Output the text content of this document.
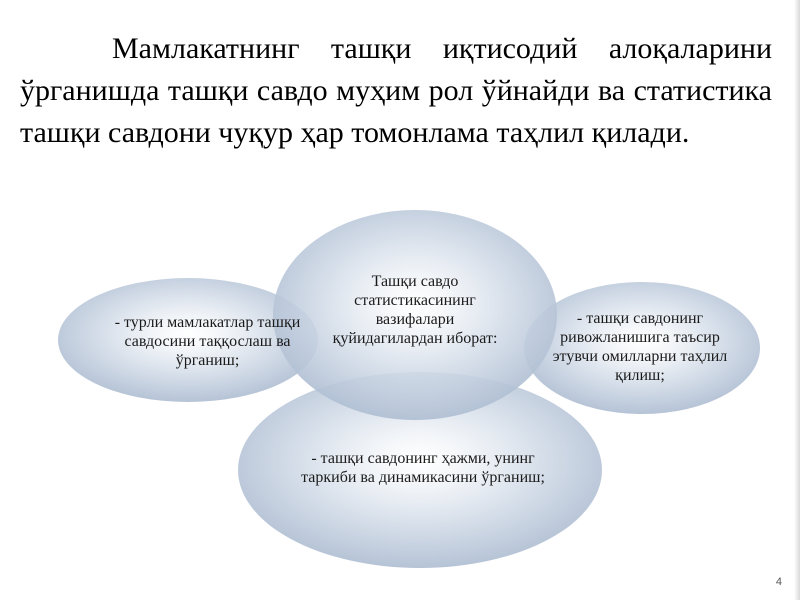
Мамлакатнинг ташқи иқтисодий алоқаларини ўрганишда ташқи савдо муҳим рол ўйнайди ва статистика ташқи савдони чуқур ҳар томонлама таҳлил қилади.

Ташқи савдо статистикасининг вазифалари қуйидагилардан иборат:
- турли мамлакатлар ташқи савдосини таққослаш ва ўрганиш;
- ташқи савдонинг ривожланишига таъсир этувчи омилларни таҳлил қилиш;
- ташқи савдонинг ҳажми, унинг таркиби ва динамикасини ўрганиш;
4
